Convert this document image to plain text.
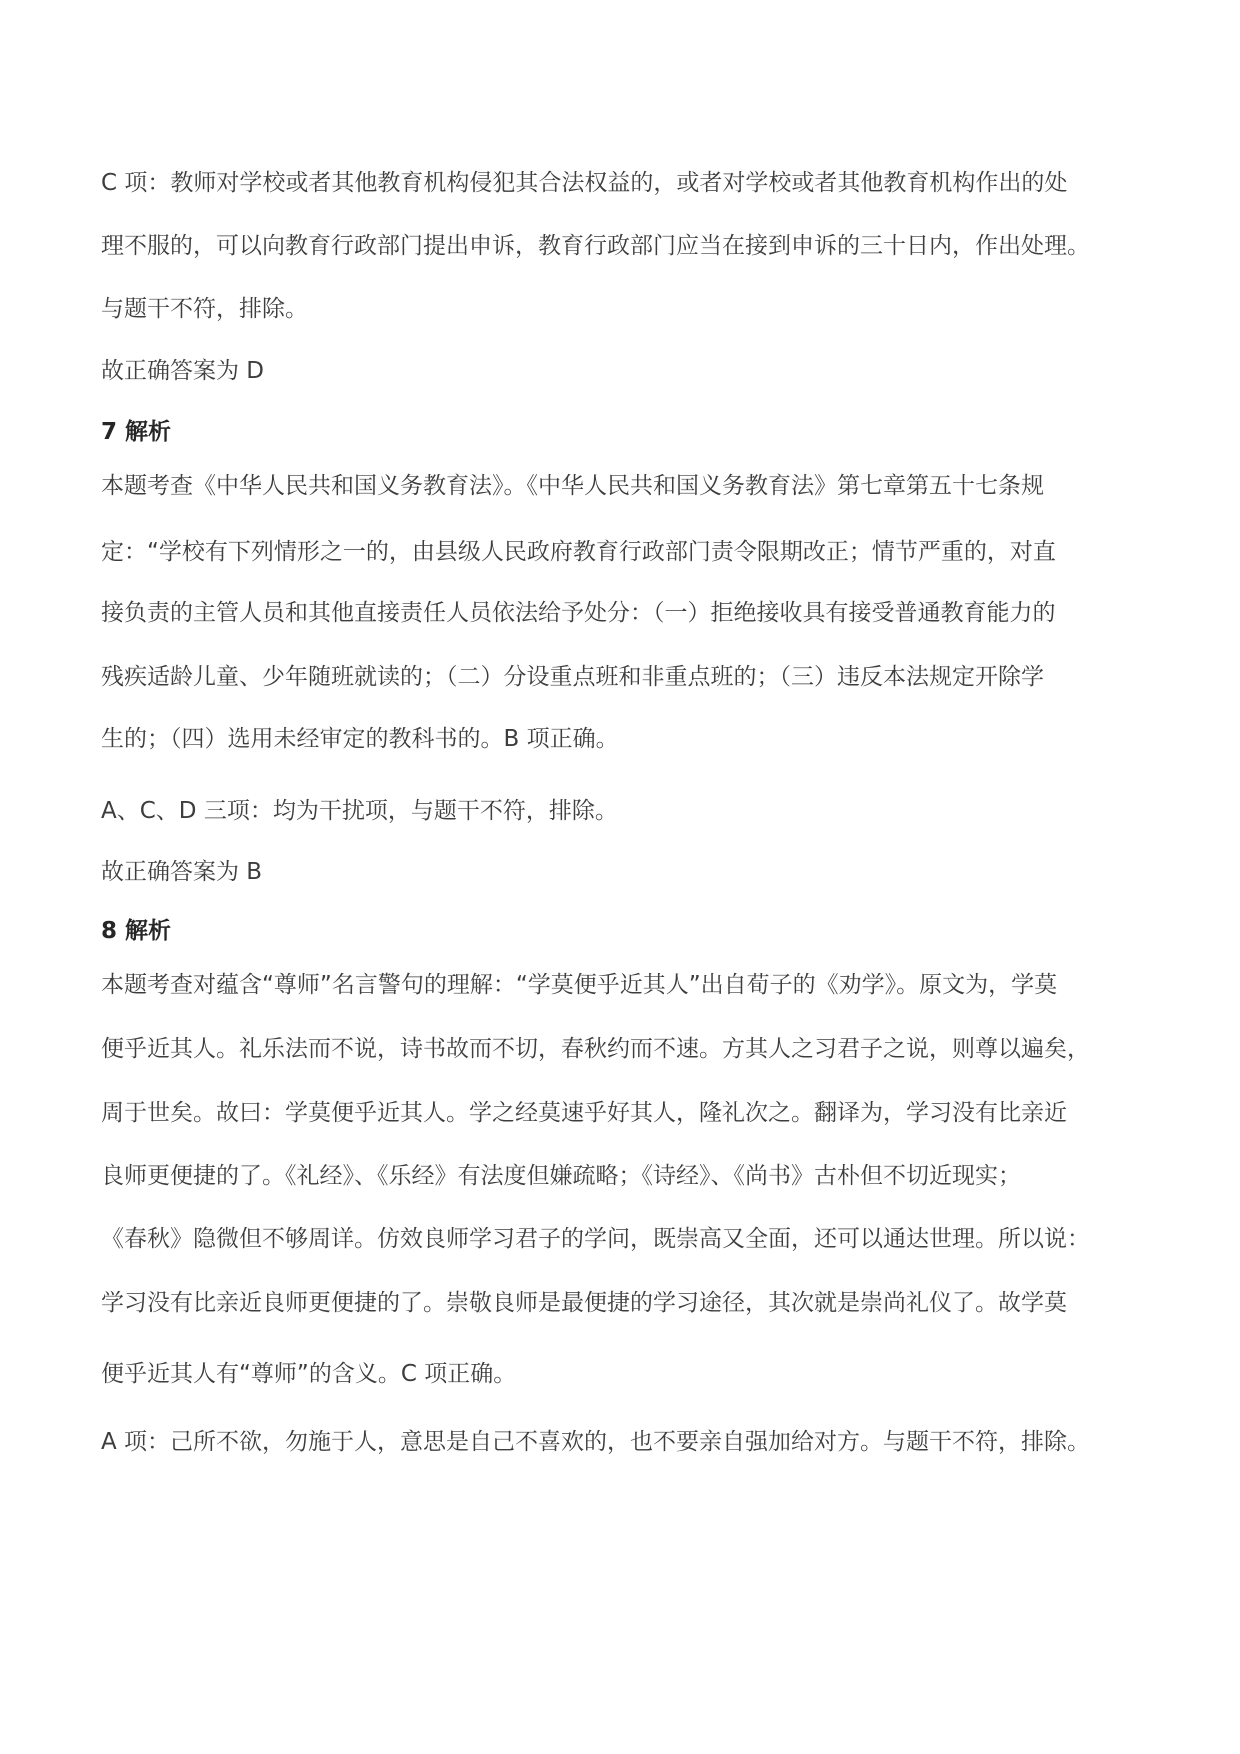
C 项：教师对学校或者其他教育机构侵犯其合法权益的，或者对学校或者其他教育机构作出的处
理不服的，可以向教育行政部门提出申诉，教育行政部门应当在接到申诉的三十日内，作出处理。
与题干不符，排除。
故正确答案为 D
7 解析
本题考查《中华人民共和国义务教育法》。《中华人民共和国义务教育法》第七章第五十七条规
定：“学校有下列情形之一的，由县级人民政府教育行政部门责令限期改正；情节严重的，对直
接负责的主管人员和其他直接责任人员依法给予处分：（一）拒绝接收具有接受普通教育能力的
残疾适龄儿童、少年随班就读的；（二）分设重点班和非重点班的；（三）违反本法规定开除学
生的；（四）选用未经审定的教科书的。B 项正确。
A、C、D 三项：均为干扰项，与题干不符，排除。
故正确答案为 B
8 解析
本题考查对蕴含“尊师”名言警句的理解：“学莫便乎近其人”出自荀子的《劝学》。原文为，学莫
便乎近其人。礼乐法而不说，诗书故而不切，春秋约而不速。方其人之习君子之说，则尊以遍矣，
周于世矣。故曰：学莫便乎近其人。学之经莫速乎好其人，隆礼次之。翻译为，学习没有比亲近
良师更便捷的了。《礼经》、《乐经》有法度但嫌疏略；《诗经》、《尚书》古朴但不切近现实；
《春秋》隐微但不够周详。仿效良师学习君子的学问，既崇高又全面，还可以通达世理。所以说：
学习没有比亲近良师更便捷的了。崇敬良师是最便捷的学习途径，其次就是崇尚礼仪了。故学莫
便乎近其人有“尊师”的含义。C 项正确。
A 项：己所不欲，勿施于人，意思是自己不喜欢的，也不要亲自强加给对方。与题干不符，排除。
